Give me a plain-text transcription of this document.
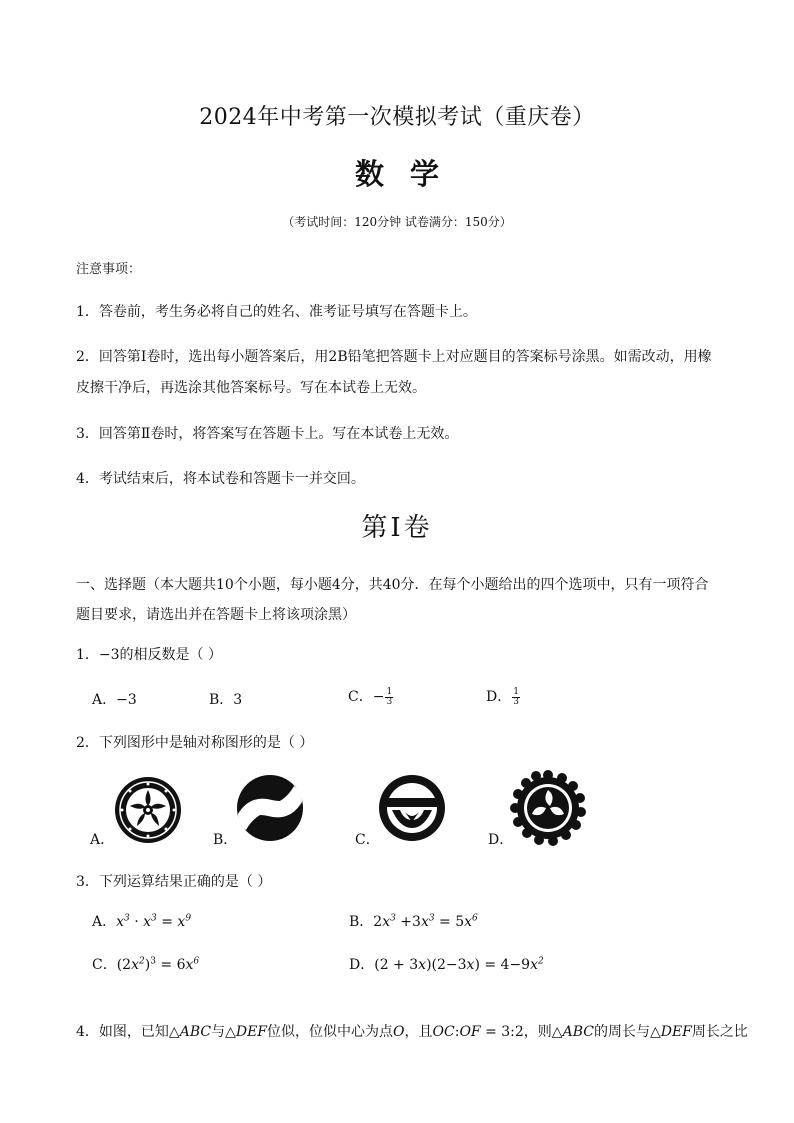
2024年中考第一次模拟考试（重庆卷）
数学
（考试时间：120分钟 试卷满分：150分）
注意事项：
1．答卷前，考生务必将自己的姓名、准考证号填写在答题卡上。
2．回答第Ⅰ卷时，选出每小题答案后，用2B铅笔把答题卡上对应题目的答案标号涂黑。如需改动，用橡
皮擦干净后，再选涂其他答案标号。写在本试卷上无效。
3．回答第Ⅱ卷时，将答案写在答题卡上。写在本试卷上无效。
4．考试结束后，将本试卷和答题卡一并交回。
第Ⅰ卷
一、选择题（本大题共10个小题，每小题4分，共40分．在每个小题给出的四个选项中，只有一项符合
题目要求，请选出并在答题卡上将该项涂黑）
1．−3的相反数是（ ）
A．−3	B．3	C．− $\frac{1}{3}$	D． $\frac{1}{3}$
2．下列图形中是轴对称图形的是（ ）
A．	B．	C．	D．
3．下列运算结果正确的是（ ）
A．$x^3 \cdot x^3 = x^9$	B．$2x^3 +3x^3 = 5x^6$
C．$(2x^2)^3 = 6x^6$	D．$(2 + 3x)(2-3x) = 4-9x^2$
4．如图，已知△ABC与△DEF位似，位似中心为点O，且OC:OF = 3:2，则△ABC的周长与△DEF周长之比
